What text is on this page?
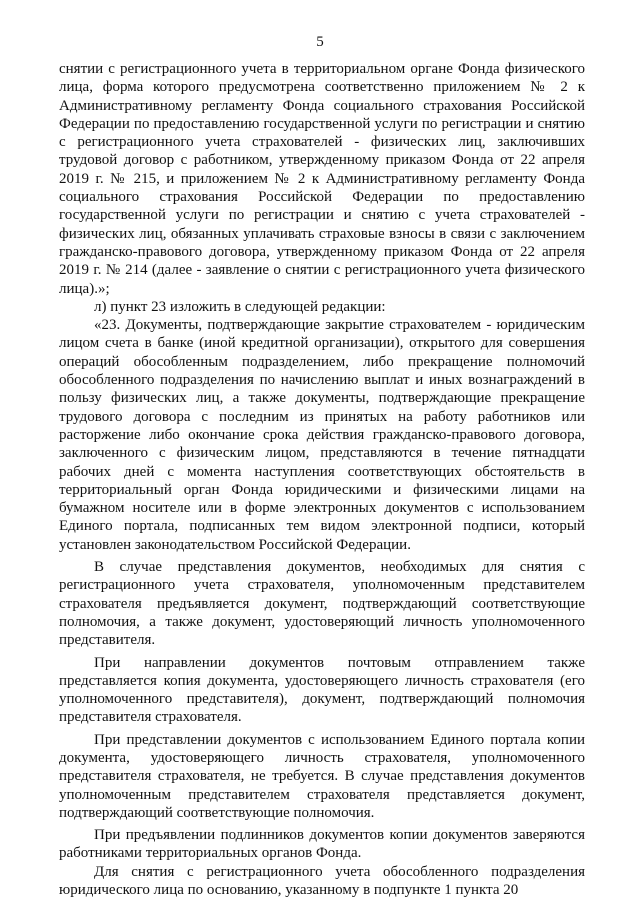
5

снятии с регистрационного учета в территориальном органе Фонда физического лица, форма которого предусмотрена соответственно приложением № 2 к Административному регламенту Фонда социального страхования Российской Федерации по предоставлению государственной услуги по регистрации и снятию с регистрационного учета страхователей - физических лиц, заключивших трудовой договор с работником, утвержденному приказом Фонда от 22 апреля 2019 г. № 215, и приложением № 2 к Административному регламенту Фонда социального страхования Российской Федерации по предоставлению государственной услуги по регистрации и снятию с учета страхователей - физических лиц, обязанных уплачивать страховые взносы в связи с заключением гражданско-правового договора, утвержденному приказом Фонда от 22 апреля 2019 г. № 214 (далее - заявление о снятии с регистрационного учета физического лица).»;

л) пункт 23 изложить в следующей редакции:

«23. Документы, подтверждающие закрытие страхователем - юридическим лицом счета в банке (иной кредитной организации), открытого для совершения операций обособленным подразделением, либо прекращение полномочий обособленного подразделения по начислению выплат и иных вознаграждений в пользу физических лиц, а также документы, подтверждающие прекращение трудового договора с последним из принятых на работу работников или расторжение либо окончание срока действия гражданско-правового договора, заключенного с физическим лицом, представляются в течение пятнадцати рабочих дней с момента наступления соответствующих обстоятельств в территориальный орган Фонда юридическими и физическими лицами на бумажном носителе или в форме электронных документов с использованием Единого портала, подписанных тем видом электронной подписи, который установлен законодательством Российской Федерации.

В случае представления документов, необходимых для снятия с регистрационного учета страхователя, уполномоченным представителем страхователя предъявляется документ, подтверждающий соответствующие полномочия, а также документ, удостоверяющий личность уполномоченного представителя.

При направлении документов почтовым отправлением также представляется копия документа, удостоверяющего личность страхователя (его уполномоченного представителя), документ, подтверждающий полномочия представителя страхователя.

При представлении документов с использованием Единого портала копии документа, удостоверяющего личность страхователя, уполномоченного представителя страхователя, не требуется. В случае представления документов уполномоченным представителем страхователя представляется документ, подтверждающий соответствующие полномочия.

При предъявлении подлинников документов копии документов заверяются работниками территориальных органов Фонда.

Для снятия с регистрационного учета обособленного подразделения юридического лица по основанию, указанному в подпункте 1 пункта 20
